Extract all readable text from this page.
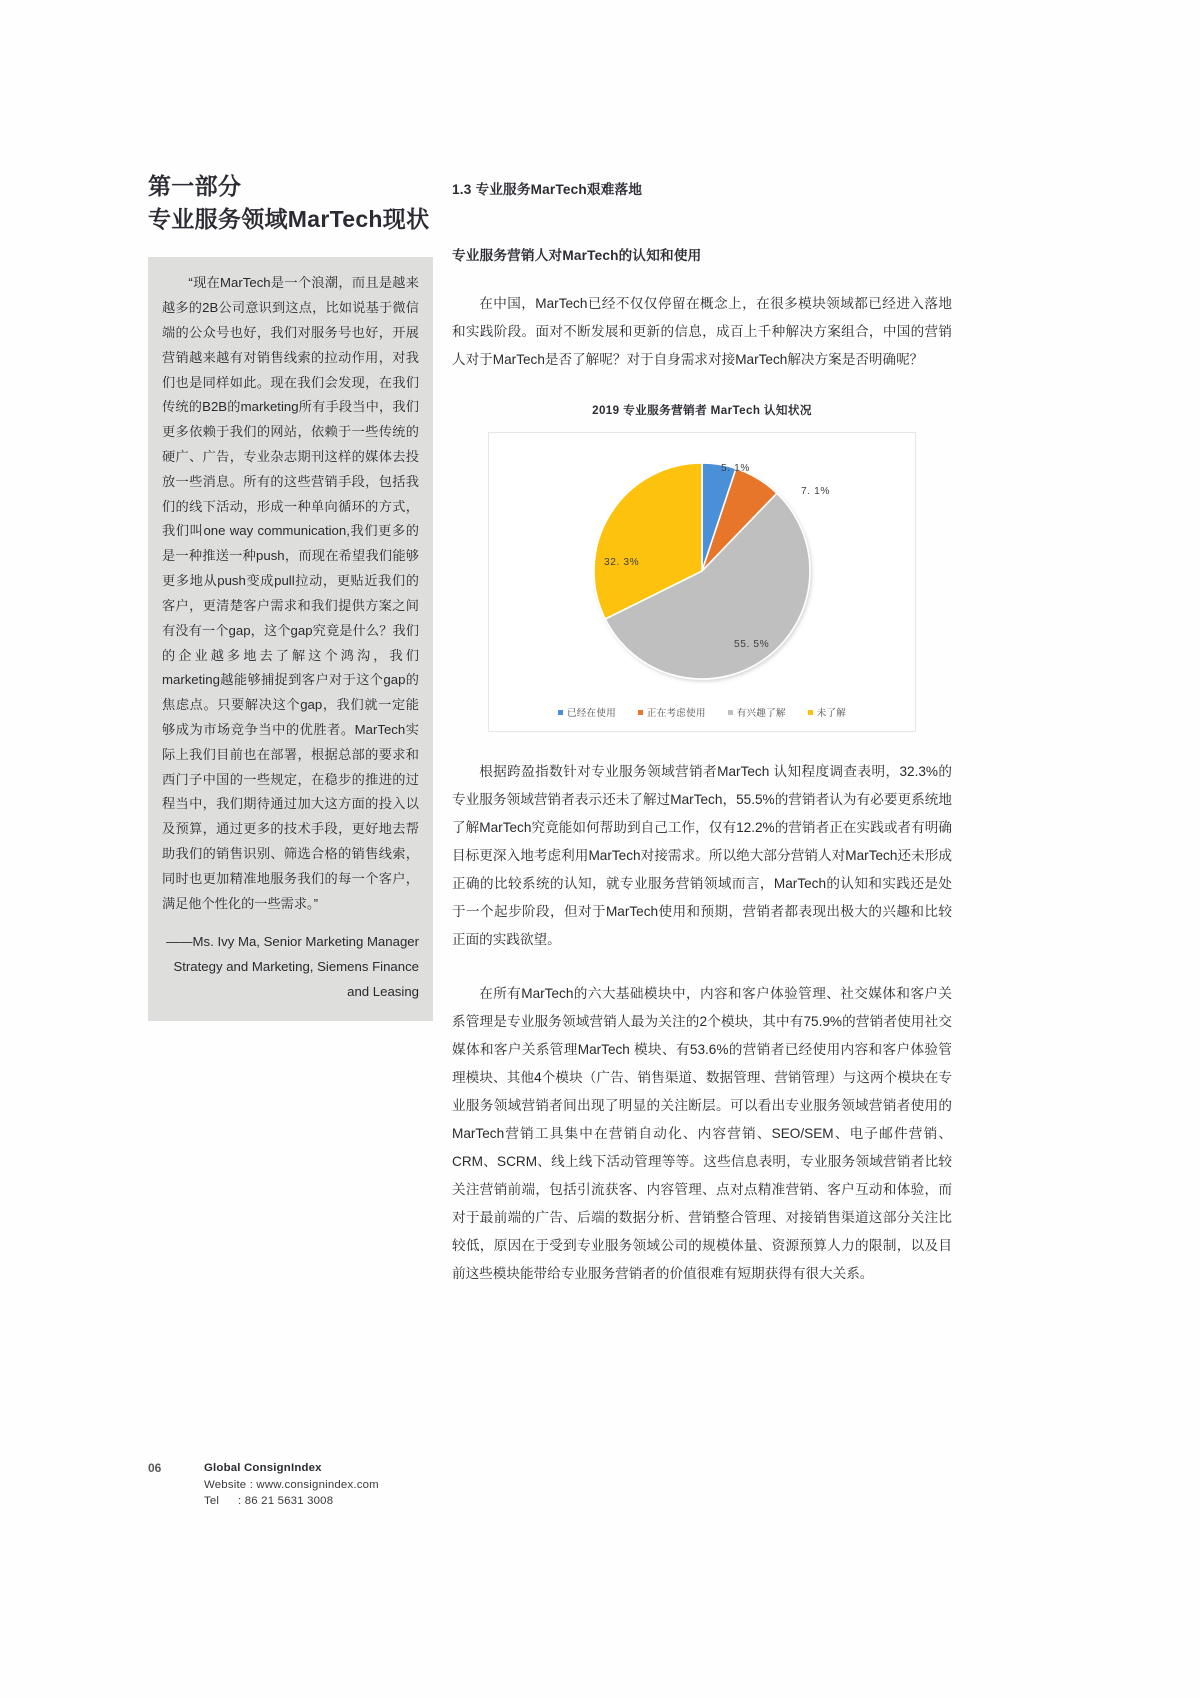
第一部分
专业服务领域MarTech现状

“现在MarTech是一个浪潮，而且是越来越多的2B公司意识到这点，比如说基于微信端的公众号也好，我们对服务号也好，开展营销越来越有对销售线索的拉动作用，对我们也是同样如此。现在我们会发现，在我们传统的B2B的marketing所有手段当中，我们更多依赖于我们的网站，依赖于一些传统的硬广、广告，专业杂志期刊这样的媒体去投放一些消息。所有的这些营销手段，包括我们的线下活动，形成一种单向循环的方式，我们叫one way communication,我们更多的是一种推送一种push，而现在希望我们能够更多地从push变成pull拉动，更贴近我们的客户，更清楚客户需求和我们提供方案之间有没有一个gap，这个gap究竟是什么？我们的企业越多地去了解这个鸿沟，我们marketing越能够捕捉到客户对于这个gap的焦虑点。只要解决这个gap，我们就一定能够成为市场竞争当中的优胜者。MarTech实际上我们目前也在部署，根据总部的要求和西门子中国的一些规定，在稳步的推进的过程当中，我们期待通过加大这方面的投入以及预算，通过更多的技术手段，更好地去帮助我们的销售识别、筛选合格的销售线索，同时也更加精准地服务我们的每一个客户，满足他个性化的一些需求。”

——Ms. Ivy Ma, Senior Marketing Manager Strategy and Marketing, Siemens Finance and Leasing

1.3 专业服务MarTech艰难落地
专业服务营销人对MarTech的认知和使用

在中国，MarTech已经不仅仅停留在概念上，在很多模块领域都已经进入落地和实践阶段。面对不断发展和更新的信息，成百上千种解决方案组合，中国的营销人对于MarTech是否了解呢？对于自身需求对接MarTech解决方案是否明确呢？

2019 专业服务营销者 MarTech 认知状况
5. 1%
7. 1%
55. 5%
32. 3%
已经在使用	正在考虑使用	有兴趣了解	未了解

根据跨盈指数针对专业服务领域营销者MarTech 认知程度调查表明，32.3%的专业服务领域营销者表示还未了解过MarTech，55.5%的营销者认为有必要更系统地了解MarTech究竟能如何帮助到自己工作，仅有12.2%的营销者正在实践或者有明确目标更深入地考虑利用MarTech对接需求。所以绝大部分营销人对MarTech还未形成正确的比较系统的认知，就专业服务营销领域而言，MarTech的认知和实践还是处于一个起步阶段，但对于MarTech使用和预期，营销者都表现出极大的兴趣和比较正面的实践欲望。

在所有MarTech的六大基础模块中，内容和客户体验管理、社交媒体和客户关系管理是专业服务领域营销人最为关注的2个模块，其中有75.9%的营销者使用社交媒体和客户关系管理MarTech 模块、有53.6%的营销者已经使用内容和客户体验管理模块、其他4个模块（广告、销售渠道、数据管理、营销管理）与这两个模块在专业服务领域营销者间出现了明显的关注断层。可以看出专业服务领域营销者使用的MarTech营销工具集中在营销自动化、内容营销、SEO/SEM、电子邮件营销、CRM、SCRM、线上线下活动管理等等。这些信息表明，专业服务领域营销者比较关注营销前端，包括引流获客、内容管理、点对点精准营销、客户互动和体验，而对于最前端的广告、后端的数据分析、营销整合管理、对接销售渠道这部分关注比较低，原因在于受到专业服务领域公司的规模体量、资源预算人力的限制，以及目前这些模块能带给专业服务营销者的价值很难有短期获得有很大关系。

06	Global ConsignIndex
Website : www.consignindex.com
Tel : 86 21 5631 3008
